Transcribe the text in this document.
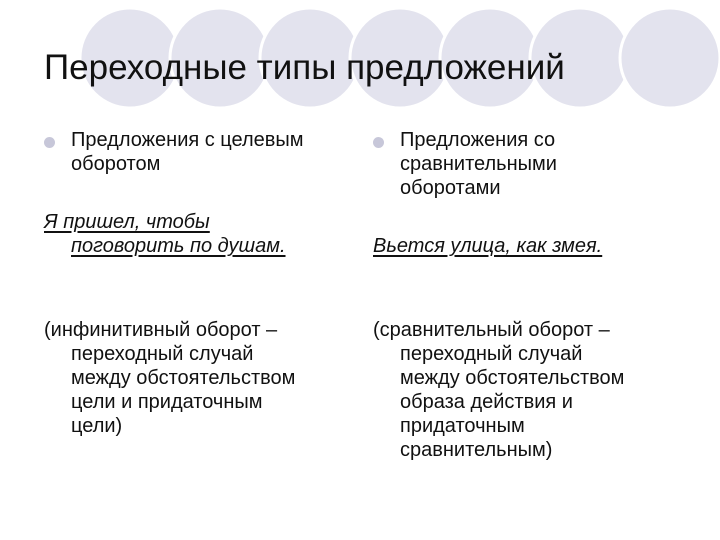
Переходные типы предложений
Предложения с целевым оборотом
Я пришел, чтобы
поговорить по душам.
(инфинитивный оборот –
переходный случай
между обстоятельством
цели и придаточным
цели)
Предложения со сравнительными оборотами
Вьется улица, как змея.
(сравнительный оборот –
переходный случай
между обстоятельством
образа действия и
придаточным
сравнительным)
